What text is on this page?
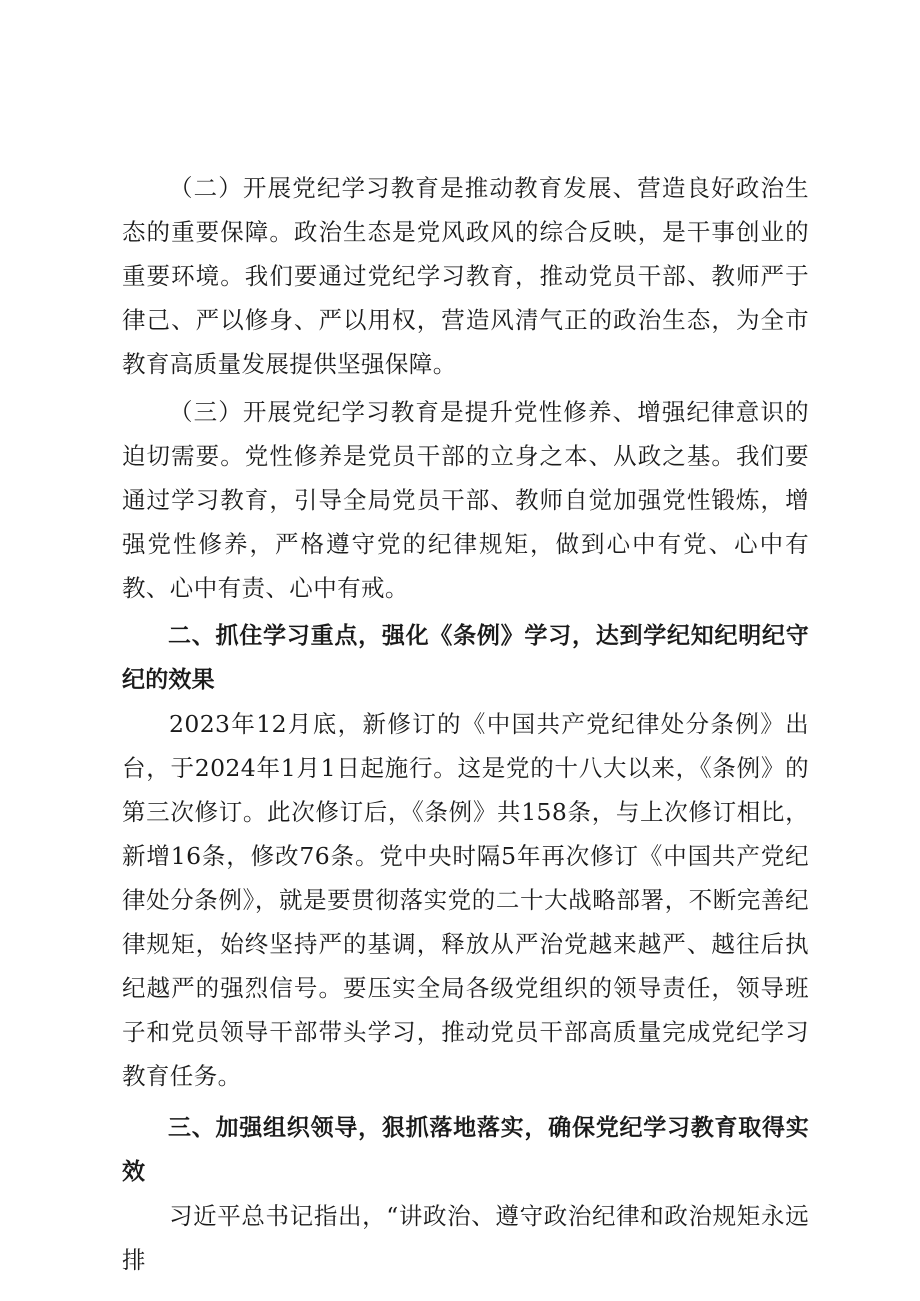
（二）开展党纪学习教育是推动教育发展、营造良好政治生态的重要保障。政治生态是党风政风的综合反映，是干事创业的重要环境。我们要通过党纪学习教育，推动党员干部、教师严于律己、严以修身、严以用权，营造风清气正的政治生态，为全市教育高质量发展提供坚强保障。

（三）开展党纪学习教育是提升党性修养、增强纪律意识的迫切需要。党性修养是党员干部的立身之本、从政之基。我们要通过学习教育，引导全局党员干部、教师自觉加强党性锻炼，增强党性修养，严格遵守党的纪律规矩，做到心中有党、心中有教、心中有责、心中有戒。

二、抓住学习重点，强化《条例》学习，达到学纪知纪明纪守纪的效果

2023年12月底，新修订的《中国共产党纪律处分条例》出台，于2024年1月1日起施行。这是党的十八大以来，《条例》的第三次修订。此次修订后，《条例》共158条，与上次修订相比，新增16条，修改76条。党中央时隔5年再次修订《中国共产党纪律处分条例》，就是要贯彻落实党的二十大战略部署，不断完善纪律规矩，始终坚持严的基调，释放从严治党越来越严、越往后执纪越严的强烈信号。要压实全局各级党组织的领导责任，领导班子和党员领导干部带头学习，推动党员干部高质量完成党纪学习教育任务。

三、加强组织领导，狠抓落地落实，确保党纪学习教育取得实效

习近平总书记指出，“讲政治、遵守政治纪律和政治规矩永远排
